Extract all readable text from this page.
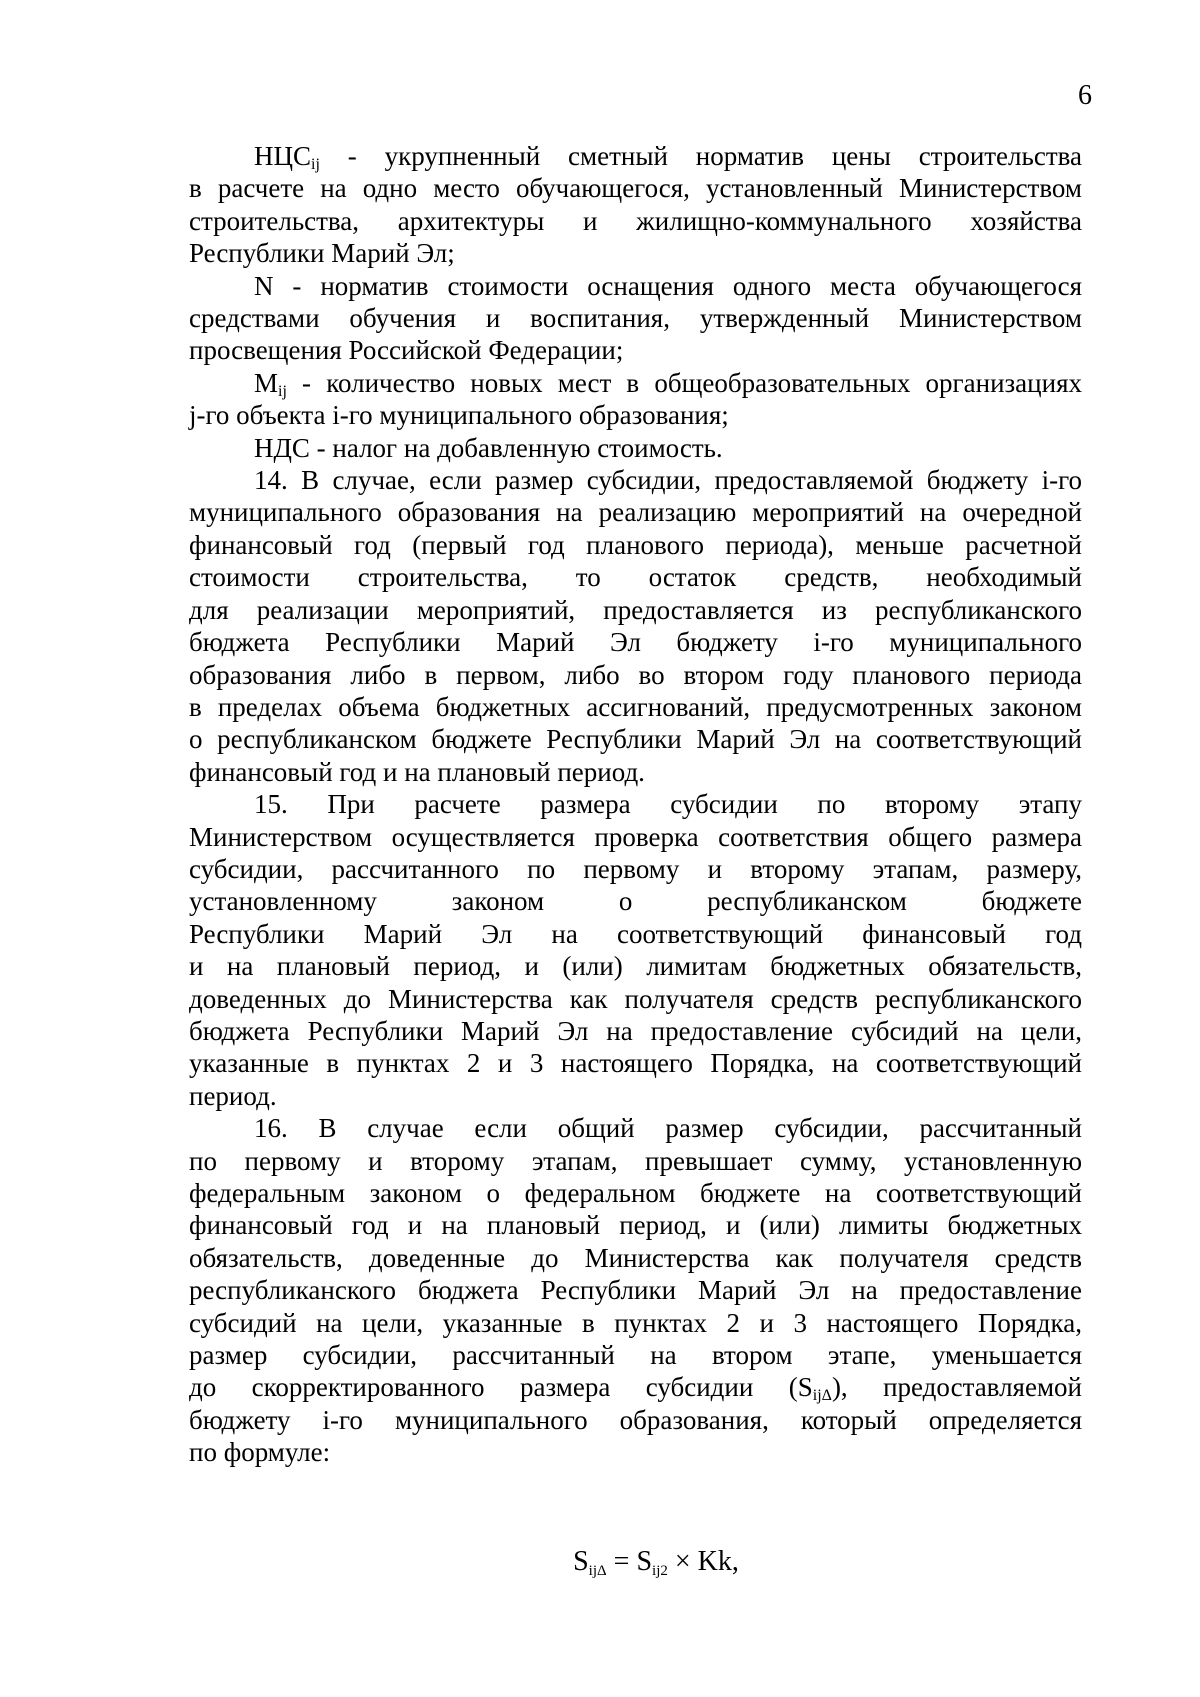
6
$НЦС_{ij}$ - укрупненный сметный норматив цены строительства
в расчете на одно место обучающегося, установленный Министерством
строительства, архитектуры и жилищно-коммунального хозяйства
Республики Марий Эл;
N - норматив стоимости оснащения одного места обучающегося
средствами обучения и воспитания, утвержденный Министерством
просвещения Российской Федерации;
$M_{ij}$ - количество новых мест в общеобразовательных организациях
j-го объекта i-го муниципального образования;
НДС - налог на добавленную стоимость.
14. В случае, если размер субсидии, предоставляемой бюджету i-го
муниципального образования на реализацию мероприятий на очередной
финансовый год (первый год планового периода), меньше расчетной
стоимости строительства, то остаток средств, необходимый
для реализации мероприятий, предоставляется из республиканского
бюджета Республики Марий Эл бюджету i-го муниципального
образования либо в первом, либо во втором году планового периода
в пределах объема бюджетных ассигнований, предусмотренных законом
о республиканском бюджете Республики Марий Эл на соответствующий
финансовый год и на плановый период.
15. При расчете размера субсидии по второму этапу
Министерством осуществляется проверка соответствия общего размера
субсидии, рассчитанного по первому и второму этапам, размеру,
установленному законом о республиканском бюджете
Республики Марий Эл на соответствующий финансовый год
и на плановый период, и (или) лимитам бюджетных обязательств,
доведенных до Министерства как получателя средств республиканского
бюджета Республики Марий Эл на предоставление субсидий на цели,
указанные в пунктах 2 и 3 настоящего Порядка, на соответствующий
период.
16. В случае если общий размер субсидии, рассчитанный
по первому и второму этапам, превышает сумму, установленную
федеральным законом о федеральном бюджете на соответствующий
финансовый год и на плановый период, и (или) лимиты бюджетных
обязательств, доведенные до Министерства как получателя средств
республиканского бюджета Республики Марий Эл на предоставление
субсидий на цели, указанные в пунктах 2 и 3 настоящего Порядка,
размер субсидии, рассчитанный на втором этапе, уменьшается
до скорректированного размера субсидии $(S_{ij\Delta})$, предоставляемой
бюджету i-го муниципального образования, который определяется
по формуле:
$S_{ij\Delta} = S_{ij2} \times Kk$,
